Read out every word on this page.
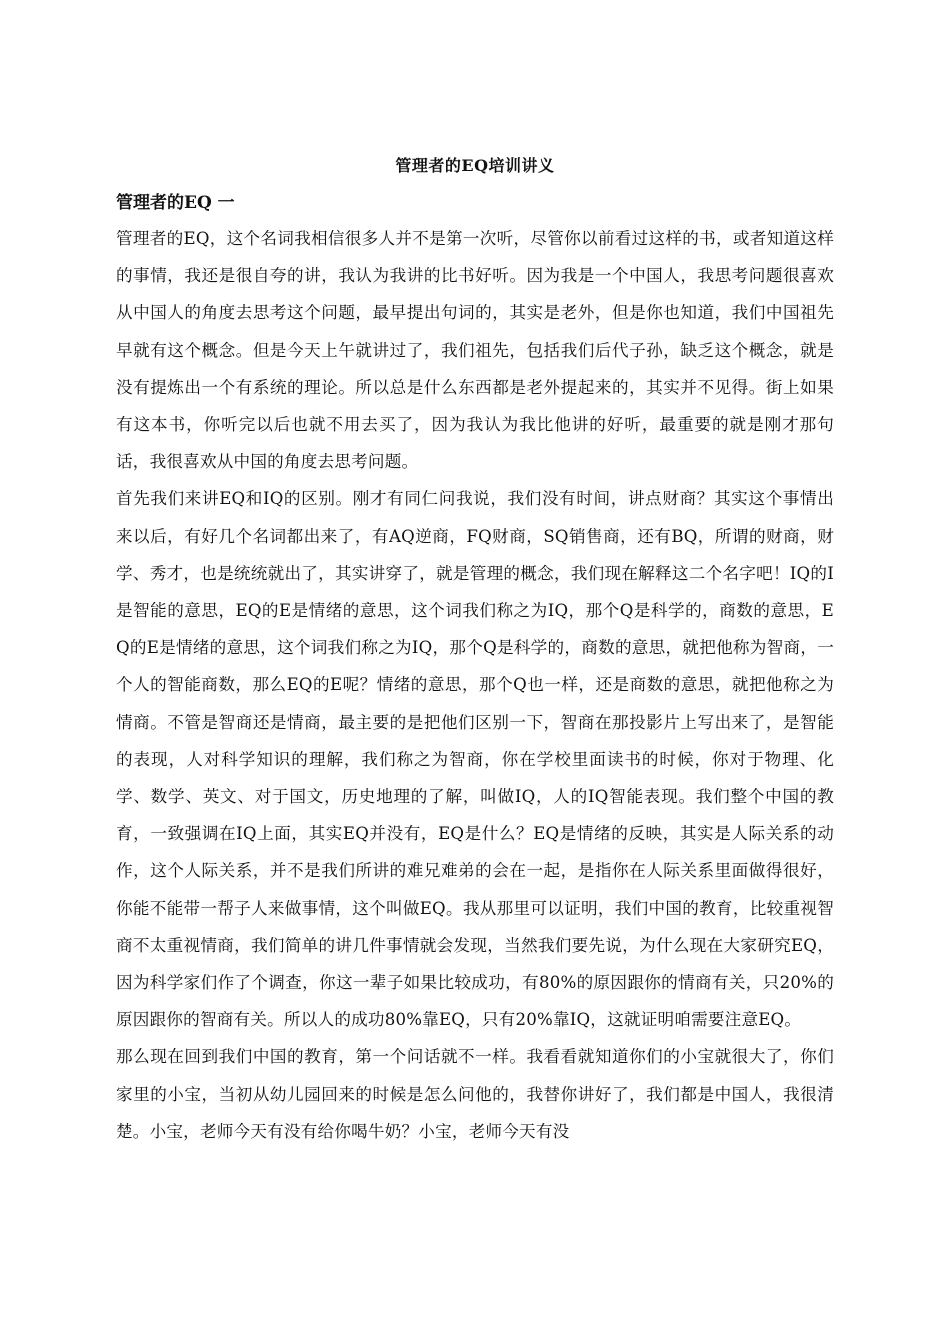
管理者的EQ培训讲义
管理者的EQ 一

管理者的EQ，这个名词我相信很多人并不是第一次听，尽管你以前看过这样的书，或者知道这样的事情，我还是很自夸的讲，我认为我讲的比书好听。因为我是一个中国人，我思考问题很喜欢从中国人的角度去思考这个问题，最早提出句词的，其实是老外，但是你也知道，我们中国祖先早就有这个概念。但是今天上午就讲过了，我们祖先，包括我们后代子孙，缺乏这个概念，就是没有提炼出一个有系统的理论。所以总是什么东西都是老外提起来的，其实并不见得。街上如果有这本书，你听完以后也就不用去买了，因为我认为我比他讲的好听，最重要的就是刚才那句话，我很喜欢从中国的角度去思考问题。

首先我们来讲EQ和IQ的区别。刚才有同仁问我说，我们没有时间，讲点财商？其实这个事情出来以后，有好几个名词都出来了，有AQ逆商，FQ财商，SQ销售商，还有BQ，所谓的财商，财学、秀才，也是统统就出了，其实讲穿了，就是管理的概念，我们现在解释这二个名字吧！IQ的I是智能的意思，EQ的E是情绪的意思，这个词我们称之为IQ，那个Q是科学的，商数的意思，EQ的E是情绪的意思，这个词我们称之为IQ，那个Q是科学的，商数的意思，就把他称为智商，一个人的智能商数，那么EQ的E呢？情绪的意思，那个Q也一样，还是商数的意思，就把他称之为情商。不管是智商还是情商，最主要的是把他们区别一下，智商在那投影片上写出来了，是智能的表现，人对科学知识的理解，我们称之为智商，你在学校里面读书的时候，你对于物理、化学、数学、英文、对于国文，历史地理的了解，叫做IQ，人的IQ智能表现。我们整个中国的教育，一致强调在IQ上面，其实EQ并没有，EQ是什么？EQ是情绪的反映，其实是人际关系的动作，这个人际关系，并不是我们所讲的难兄难弟的会在一起，是指你在人际关系里面做得很好，你能不能带一帮子人来做事情，这个叫做EQ。我从那里可以证明，我们中国的教育，比较重视智商不太重视情商，我们简单的讲几件事情就会发现，当然我们要先说，为什么现在大家研究EQ，因为科学家们作了个调查，你这一辈子如果比较成功，有80%的原因跟你的情商有关，只20%的原因跟你的智商有关。所以人的成功80%靠EQ，只有20%靠IQ，这就证明咱需要注意EQ。

那么现在回到我们中国的教育，第一个问话就不一样。我看看就知道你们的小宝就很大了，你们家里的小宝，当初从幼儿园回来的时候是怎么问他的，我替你讲好了，我们都是中国人，我很清楚。小宝，老师今天有没有给你喝牛奶？小宝，老师今天有没
